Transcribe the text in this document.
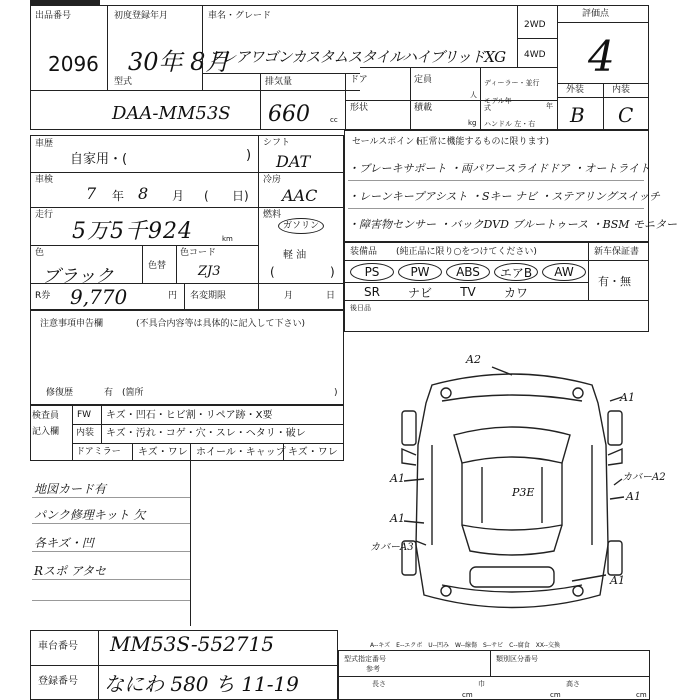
出品番号
2096
初度登録年月
30年 8月
車名・グレード
フレアワゴンカスタムスタイルハイブリッドXG
2WD
4WD
評価点
4
外装	内装
B C
型式
DAA-MM53S
排気量
660	cc
ドア	定員
人
ディーラー・並行
形状	積載
kg
モデル年式	年
ハンドル 左・右
車歴
自家用・(	)
シフト
DAT
車検
7 年 8 月 ( 日)
冷房
AAC
走行
5万5千924	km
燃料
ガソリン
軽 油
(	)
色
ブラック	色替
色コード
ZJ3
R券 9,770	円 名変期限	月	日
注意事項申告欄	(不具合内容等は具体的に記入して下さい)
修復歴	有 (箇所	)
セールスポイント
(正常に機能するものに限ります)
・ブレーキサポート ・両パワースライドドア ・オートライト
・レーンキープアシスト ・Sキー ナビ ・ステアリングスイッチ
・障害物センサー ・バックDVD ブルートゥース ・BSM モニター
装備品 (純正品に限り○をつけてください)	新车保証書
PS	PW ABS エアB AW
SR ナビ TV カワ
有・無
後日品
検査員
記入欄
FW キズ・凹石・ヒビ割・リペア跡・X要
内装 キズ・汚れ・コゲ・穴・スレ・ヘタリ・破レ
ドアミラー キズ・ワレ ホイール・キャップ キズ・ワレ
地図カード有
パンク修理キット 欠
各キズ・凹
Rスポ アタセ
A2
A1
カバーA2
A1
P3E
A1
A1
カバーA3
A1
A--キズ　E--エクボ　U--凹み　W--線傷　S--サビ　C--腐食　XX--交換
車台番号 MM53S-552715
登録番号 なにわ 580 ち 11-19
型式指定番号	類別区分番号
参考
長さ	巾	高さ
cm	cm	cm
